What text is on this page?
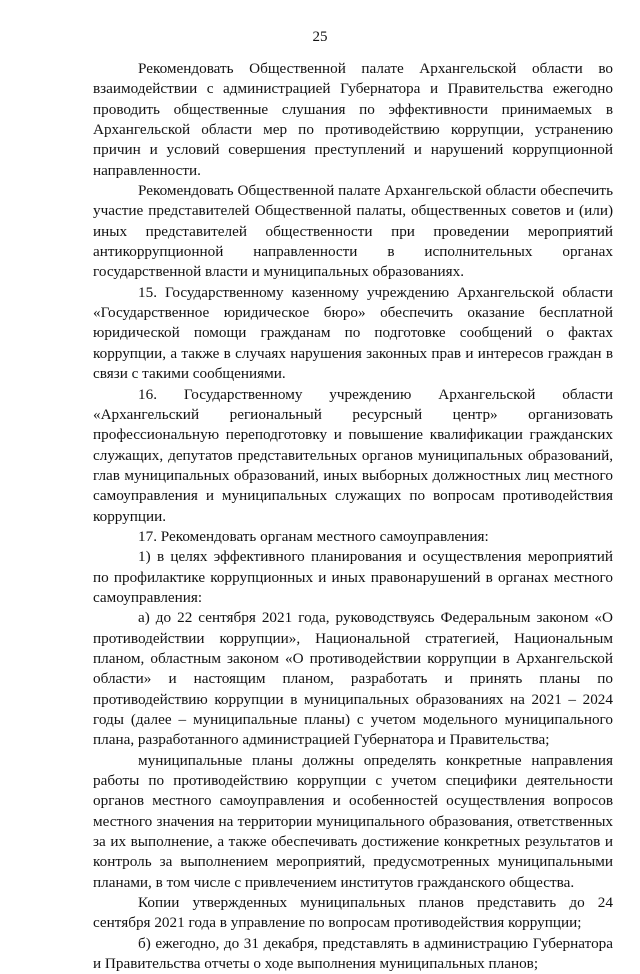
25

Рекомендовать Общественной палате Архангельской области во взаимодействии с администрацией Губернатора и Правительства ежегодно проводить общественные слушания по эффективности принимаемых в Архангельской области мер по противодействию коррупции, устранению причин и условий совершения преступлений и нарушений коррупционной направленности.

Рекомендовать Общественной палате Архангельской области обеспечить участие представителей Общественной палаты, общественных советов и (или) иных представителей общественности при проведении мероприятий антикоррупционной направленности в исполнительных органах государственной власти и муниципальных образованиях.

15. Государственному казенному учреждению Архангельской области «Государственное юридическое бюро» обеспечить оказание бесплатной юридической помощи гражданам по подготовке сообщений о фактах коррупции, а также в случаях нарушения законных прав и интересов граждан в связи с такими сообщениями.

16. Государственному учреждению Архангельской области «Архангельский региональный ресурсный центр» организовать профессиональную переподготовку и повышение квалификации гражданских служащих, депутатов представительных органов муниципальных образований, глав муниципальных образований, иных выборных должностных лиц местного самоуправления и муниципальных служащих по вопросам противодействия коррупции.

17. Рекомендовать органам местного самоуправления:

1) в целях эффективного планирования и осуществления мероприятий по профилактике коррупционных и иных правонарушений в органах местного самоуправления:

а) до 22 сентября 2021 года, руководствуясь Федеральным законом «О противодействии коррупции», Национальной стратегией, Национальным планом, областным законом «О противодействии коррупции в Архангельской области» и настоящим планом, разработать и принять планы по противодействию коррупции в муниципальных образованиях на 2021 – 2024 годы (далее – муниципальные планы) с учетом модельного муниципального плана, разработанного администрацией Губернатора и Правительства;

муниципальные планы должны определять конкретные направления работы по противодействию коррупции с учетом специфики деятельности органов местного самоуправления и особенностей осуществления вопросов местного значения на территории муниципального образования, ответственных за их выполнение, а также обеспечивать достижение конкретных результатов и контроль за выполнением мероприятий, предусмотренных муниципальными планами, в том числе с привлечением институтов гражданского общества.

Копии утвержденных муниципальных планов представить до 24 сентября 2021 года в управление по вопросам противодействия коррупции;

б) ежегодно, до 31 декабря, представлять в администрацию Губернатора и Правительства отчеты о ходе выполнения муниципальных планов;
